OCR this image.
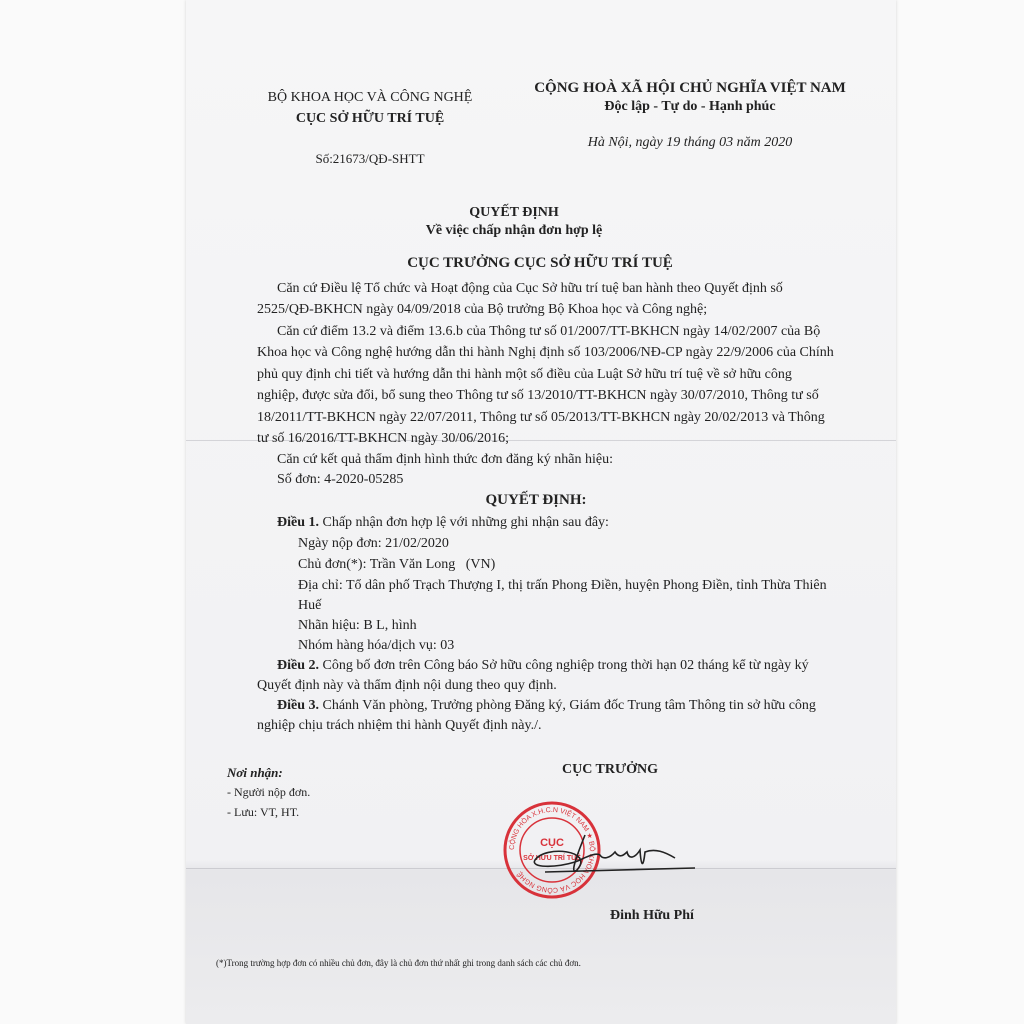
BỘ KHOA HỌC VÀ CÔNG NGHỆ
CỤC SỞ HỮU TRÍ TUỆ
Số:21673/QĐ-SHTT
CỘNG HOÀ XÃ HỘI CHỦ NGHĨA VIỆT NAM
Độc lập - Tự do - Hạnh phúc
Hà Nội, ngày 19 tháng 03 năm 2020
QUYẾT ĐỊNH
Về việc chấp nhận đơn hợp lệ
CỤC TRƯỞNG CỤC SỞ HỮU TRÍ TUỆ
Căn cứ Điều lệ Tổ chức và Hoạt động của Cục Sở hữu trí tuệ ban hành theo Quyết định số
2525/QĐ-BKHCN ngày 04/09/2018 của Bộ trưởng Bộ Khoa học và Công nghệ;
Căn cứ điểm 13.2 và điểm 13.6.b của Thông tư số 01/2007/TT-BKHCN ngày 14/02/2007 của Bộ
Khoa học và Công nghệ hướng dẫn thi hành Nghị định số 103/2006/NĐ-CP ngày 22/9/2006 của Chính
phủ quy định chi tiết và hướng dẫn thi hành một số điều của Luật Sở hữu trí tuệ về sở hữu công
nghiệp, được sửa đổi, bổ sung theo Thông tư số 13/2010/TT-BKHCN ngày 30/07/2010, Thông tư số
18/2011/TT-BKHCN ngày 22/07/2011, Thông tư số 05/2013/TT-BKHCN ngày 20/02/2013 và Thông
tư số 16/2016/TT-BKHCN ngày 30/06/2016;
Căn cứ kết quả thẩm định hình thức đơn đăng ký nhãn hiệu:
Số đơn: 4-2020-05285
QUYẾT ĐỊNH:
Điều 1. Chấp nhận đơn hợp lệ với những ghi nhận sau đây:
Ngày nộp đơn: 21/02/2020
Chủ đơn(*): Trần Văn Long   (VN)
Địa chỉ: Tổ dân phố Trạch Thượng I, thị trấn Phong Điền, huyện Phong Điền, tỉnh Thừa Thiên
Huế
Nhãn hiệu: B L, hình
Nhóm hàng hóa/dịch vụ: 03
Điều 2. Công bố đơn trên Công báo Sở hữu công nghiệp trong thời hạn 02 tháng kể từ ngày ký
Quyết định này và thẩm định nội dung theo quy định.
Điều 3. Chánh Văn phòng, Trưởng phòng Đăng ký, Giám đốc Trung tâm Thông tin sở hữu công
nghiệp chịu trách nhiệm thi hành Quyết định này./.
Nơi nhận:
- Người nộp đơn.
- Lưu: VT, HT.
CỤC TRƯỞNG
CỘNG HÒA X.H.C.N VIỆT NAM ★ BỘ KHOA HỌC VÀ CÔNG NGHỆ
CỤC
SỞ HỮU TRÍ TUỆ
Đinh Hữu Phí
(*)Trong trường hợp đơn có nhiều chủ đơn, đây là chủ đơn thứ nhất ghi trong danh sách các chủ đơn.
